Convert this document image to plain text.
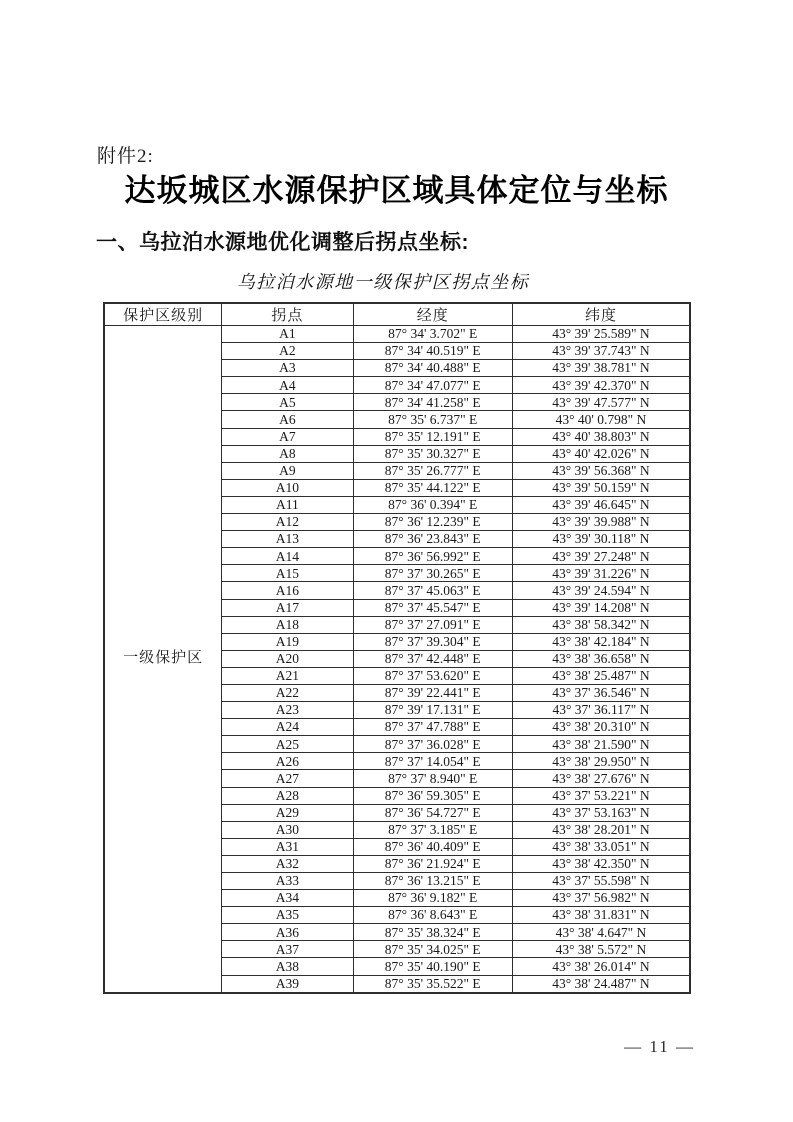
附件2:
达坂城区水源保护区域具体定位与坐标
一、乌拉泊水源地优化调整后拐点坐标:
乌拉泊水源地一级保护区拐点坐标
保护区级别	拐点	经度	纬度
一级保护区	A1	87° 34' 3.702" E	43° 39' 25.589" N
	A2	87° 34' 40.519" E	43° 39' 37.743" N
	A3	87° 34' 40.488" E	43° 39' 38.781" N
	A4	87° 34' 47.077" E	43° 39' 42.370" N
	A5	87° 34' 41.258" E	43° 39' 47.577" N
	A6	87° 35' 6.737" E	43° 40' 0.798" N
	A7	87° 35' 12.191" E	43° 40' 38.803" N
	A8	87° 35' 30.327" E	43° 40' 42.026" N
	A9	87° 35' 26.777" E	43° 39' 56.368" N
	A10	87° 35' 44.122" E	43° 39' 50.159" N
	A11	87° 36' 0.394" E	43° 39' 46.645" N
	A12	87° 36' 12.239" E	43° 39' 39.988" N
	A13	87° 36' 23.843" E	43° 39' 30.118" N
	A14	87° 36' 56.992" E	43° 39' 27.248" N
	A15	87° 37' 30.265" E	43° 39' 31.226" N
	A16	87° 37' 45.063" E	43° 39' 24.594" N
	A17	87° 37' 45.547" E	43° 39' 14.208" N
	A18	87° 37' 27.091" E	43° 38' 58.342" N
	A19	87° 37' 39.304" E	43° 38' 42.184" N
	A20	87° 37' 42.448" E	43° 38' 36.658" N
	A21	87° 37' 53.620" E	43° 38' 25.487" N
	A22	87° 39' 22.441" E	43° 37' 36.546" N
	A23	87° 39' 17.131" E	43° 37' 36.117" N
	A24	87° 37' 47.788" E	43° 38' 20.310" N
	A25	87° 37' 36.028" E	43° 38' 21.590" N
	A26	87° 37' 14.054" E	43° 38' 29.950" N
	A27	87° 37' 8.940" E	43° 38' 27.676" N
	A28	87° 36' 59.305" E	43° 37' 53.221" N
	A29	87° 36' 54.727" E	43° 37' 53.163" N
	A30	87° 37' 3.185" E	43° 38' 28.201" N
	A31	87° 36' 40.409" E	43° 38' 33.051" N
	A32	87° 36' 21.924" E	43° 38' 42.350" N
	A33	87° 36' 13.215" E	43° 37' 55.598" N
	A34	87° 36' 9.182" E	43° 37' 56.982" N
	A35	87° 36' 8.643" E	43° 38' 31.831" N
	A36	87° 35' 38.324" E	43° 38' 4.647" N
	A37	87° 35' 34.025" E	43° 38' 5.572" N
	A38	87° 35' 40.190" E	43° 38' 26.014" N
	A39	87° 35' 35.522" E	43° 38' 24.487" N
— 11 —
